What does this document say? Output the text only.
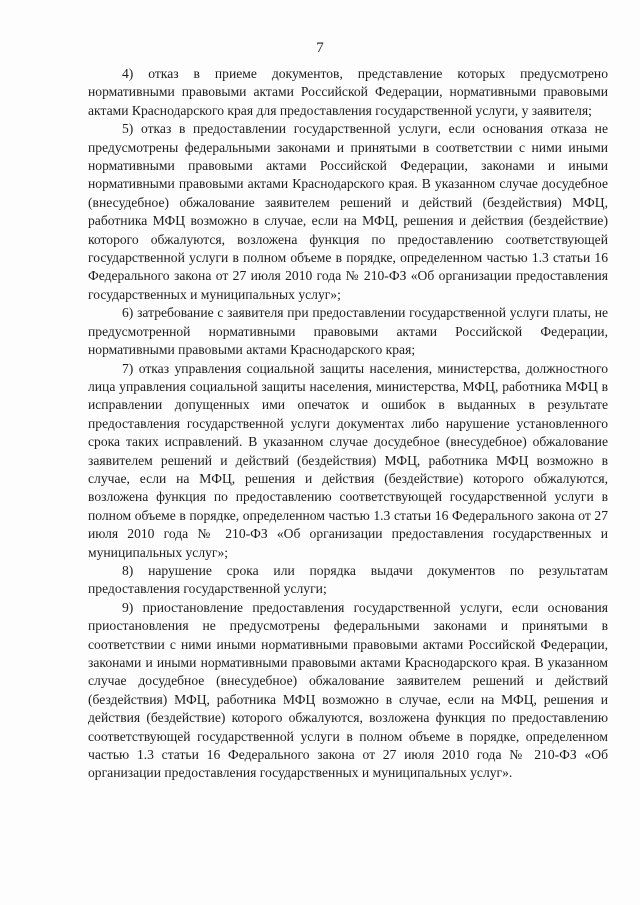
7

4) отказ в приеме документов, представление которых предусмотрено нормативными правовыми актами Российской Федерации, нормативными правовыми актами Краснодарского края для предоставления государственной услуги, у заявителя;

5) отказ в предоставлении государственной услуги, если основания отказа не предусмотрены федеральными законами и принятыми в соответствии с ними иными нормативными правовыми актами Российской Федерации, законами и иными нормативными правовыми актами Краснодарского края. В указанном случае досудебное (внесудебное) обжалование заявителем решений и действий (бездействия) МФЦ, работника МФЦ возможно в случае, если на МФЦ, решения и действия (бездействие) которого обжалуются, возложена функция по предоставлению соответствующей государственной услуги в полном объеме в порядке, определенном частью 1.3 статьи 16 Федерального закона от 27 июля 2010 года № 210-ФЗ «Об организации предоставления государственных и муниципальных услуг»;

6) затребование с заявителя при предоставлении государственной услуги платы, не предусмотренной нормативными правовыми актами Российской Федерации, нормативными правовыми актами Краснодарского края;

7) отказ управления социальной защиты населения, министерства, должностного лица управления социальной защиты населения, министерства, МФЦ, работника МФЦ в исправлении допущенных ими опечаток и ошибок в выданных в результате предоставления государственной услуги документах либо нарушение установленного срока таких исправлений. В указанном случае досудебное (внесудебное) обжалование заявителем решений и действий (бездействия) МФЦ, работника МФЦ возможно в случае, если на МФЦ, решения и действия (бездействие) которого обжалуются, возложена функция по предоставлению соответствующей государственной услуги в полном объеме в порядке, определенном частью 1.3 статьи 16 Федерального закона от 27 июля 2010 года № 210-ФЗ «Об организации предоставления государственных и муниципальных услуг»;

8) нарушение срока или порядка выдачи документов по результатам предоставления государственной услуги;

9) приостановление предоставления государственной услуги, если основания приостановления не предусмотрены федеральными законами и принятыми в соответствии с ними иными нормативными правовыми актами Российской Федерации, законами и иными нормативными правовыми актами Краснодарского края. В указанном случае досудебное (внесудебное) обжалование заявителем решений и действий (бездействия) МФЦ, работника МФЦ возможно в случае, если на МФЦ, решения и действия (бездействие) которого обжалуются, возложена функция по предоставлению соответствующей государственной услуги в полном объеме в порядке, определенном частью 1.3 статьи 16 Федерального закона от 27 июля 2010 года № 210-ФЗ «Об организации предоставления государственных и муниципальных услуг».
